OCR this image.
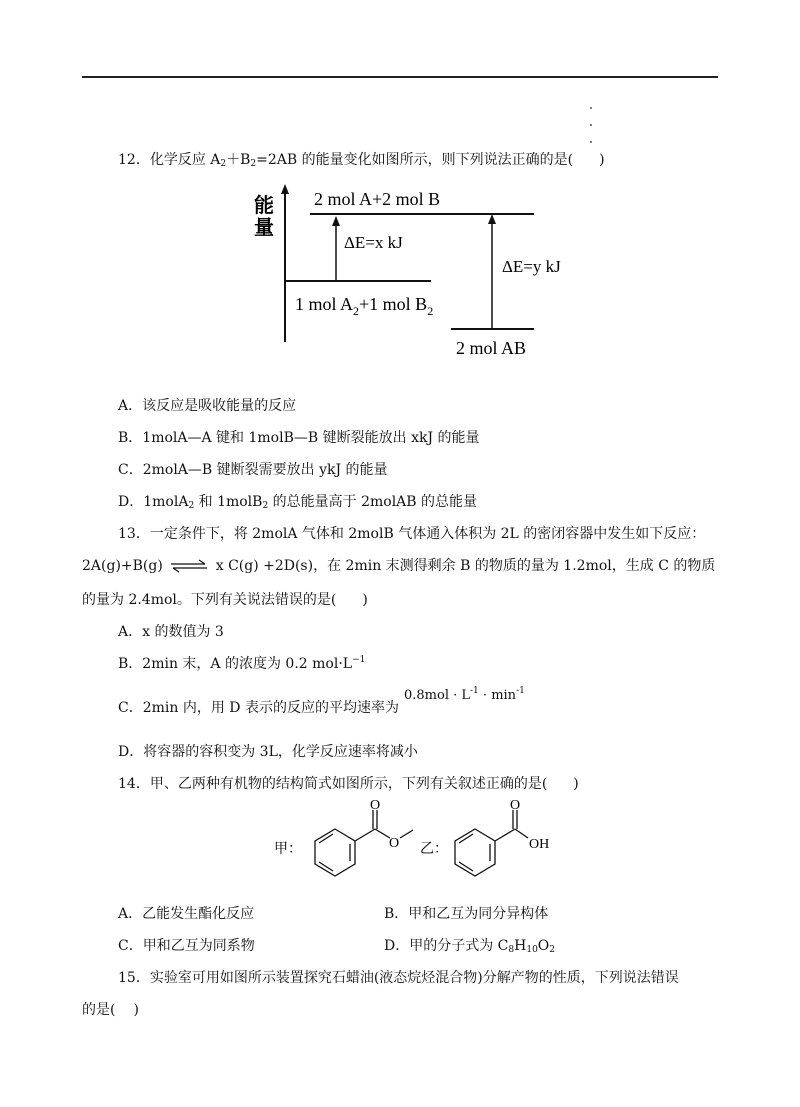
12．化学反应 $A_2+B_2=2AB$ 的能量变化如图所示，则下列说法正确的是( )
能
量
2 mol A+2 mol B
1 mol $A_2+1$ mol $B_2$
ΔE=x kJ
ΔE=y kJ
2 mol AB
A．该反应是吸收能量的反应
B．1molA—A 键和 1molB—B 键断裂能放出 xkJ 的能量
C．2molA—B 键断裂需要放出 ykJ 的能量
D．1molA$_2$ 和 1molB$_2$ 的总能量高于 2molAB 的总能量
13．一定条件下，将 2molA 气体和 2molB 气体通入体积为 2L 的密闭容器中发生如下反应：
2A(g)+B(g) ⇌ x C(g) +2D(s)，在 2min 末测得剩余 B 的物质的量为 1.2mol，生成 C 的物质
的量为 2.4mol。下列有关说法错误的是( )
A．x 的数值为 3
B．2min 末，A 的浓度为 0.2 $mol\cdot L^{-1}$
C．2min 内，用 D 表示的反应的平均速率为
$0.8mol \cdot L^{-1} \cdot \min^{-1}$
D．将容器的容积变为 3L，化学反应速率将减小
14．甲、乙两种有机物的结构简式如图所示，下列有关叙述正确的是( )
甲：
O
O 乙：
O
OH
A．乙能发生酯化反应	B．甲和乙互为同分异构体
C．甲和乙互为同系物	D．甲的分子式为 $C_8H_{10}O_2$
15．实验室可用如图所示装置探究石蜡油(液态烷烃混合物)分解产物的性质，下列说法错误
的是( )
